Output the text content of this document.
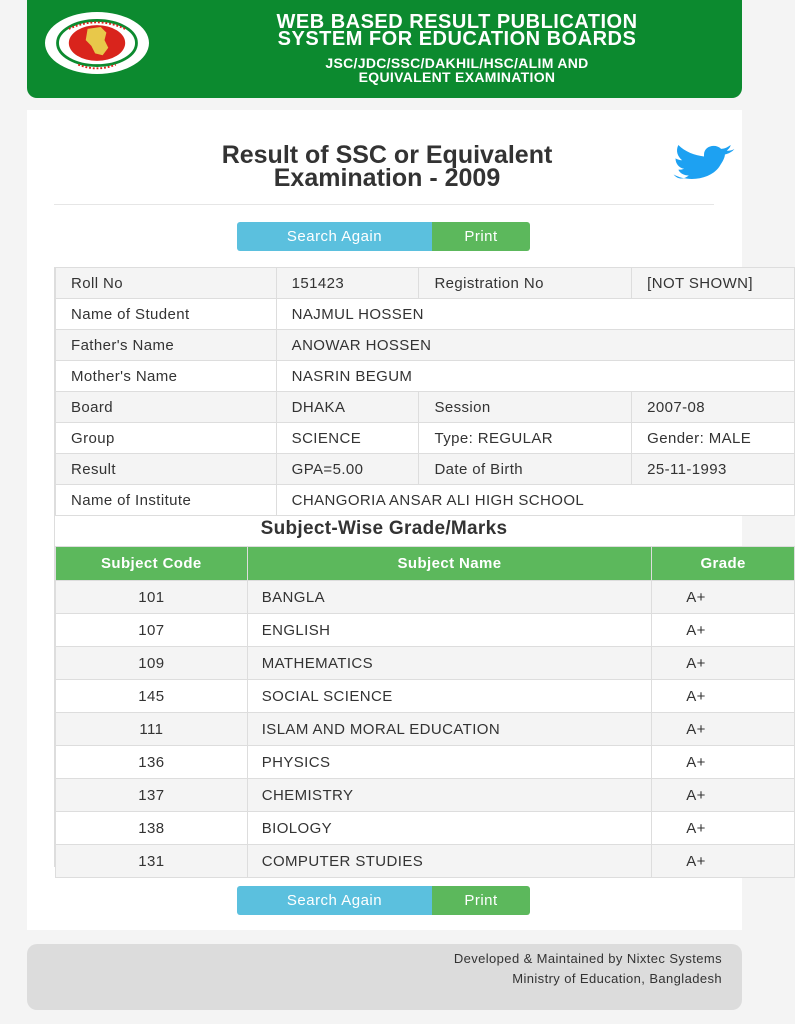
WEB BASED RESULT PUBLICATION
SYSTEM FOR EDUCATION BOARDS
JSC/JDC/SSC/DAKHIL/HSC/ALIM AND
EQUIVALENT EXAMINATION
Result of SSC or Equivalent
Examination - 2009
Search Again	Print
Roll No	151423	Registration No	[NOT SHOWN]
Name of Student	NAJMUL HOSSEN		
Father's Name	ANOWAR HOSSEN		
Mother's Name	NASRIN BEGUM		
Board	DHAKA	Session	2007-08
Group	SCIENCE	Type: REGULAR	Gender: MALE
Result	GPA=5.00	Date of Birth	25-11-1993
Name of Institute	CHANGORIA ANSAR ALI HIGH SCHOOL		
Subject-Wise Grade/Marks
Subject Code	Subject Name	Grade
101	BANGLA	A+
107	ENGLISH	A+
109	MATHEMATICS	A+
145	SOCIAL SCIENCE	A+
111	ISLAM AND MORAL EDUCATION	A+
136	PHYSICS	A+
137	CHEMISTRY	A+
138	BIOLOGY	A+
131	COMPUTER STUDIES	A+
Search Again	Print
Developed & Maintained by Nixtec Systems
Ministry of Education, Bangladesh
